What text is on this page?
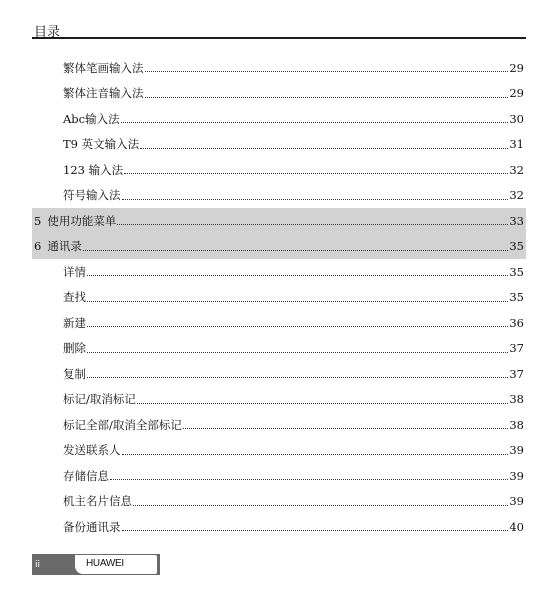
目录
繁体笔画输入法	29
繁体注音输入法	29
Abc输入法	30
T9 英文输入法	31
123 输入法	32
符号输入法	32
5 使用功能菜单	33
6 通讯录	35
详情	35
查找	35
新建	36
删除	37
复制	37
标记/取消标记	38
标记全部/取消全部标记	38
发送联系人	39
存储信息	39
机主名片信息	39
备份通讯录	40
ii	HUAWEI
